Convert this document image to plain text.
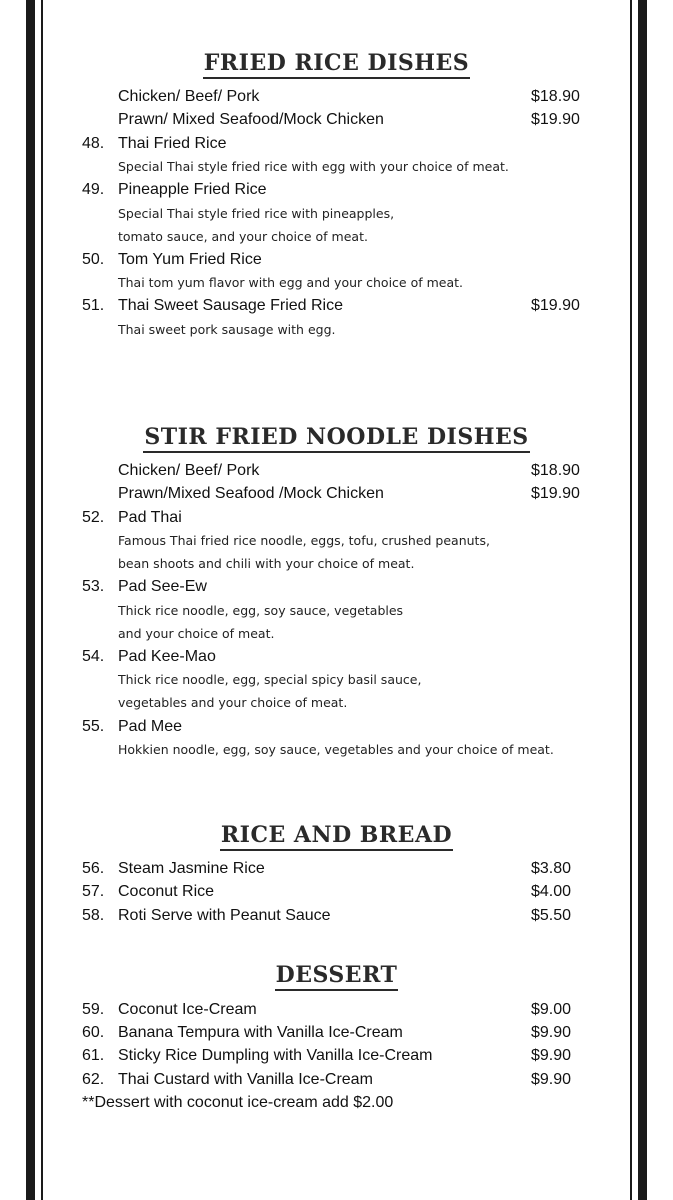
FRIED RICE DISHES
Chicken/ Beef/ Pork	$18.90
Prawn/ Mixed Seafood/Mock Chicken	$19.90
48. Thai Fried Rice
Special Thai style fried rice with egg with your choice of meat.
49. Pineapple Fried Rice
Special Thai style fried rice with pineapples,
tomato sauce, and your choice of meat.
50. Tom Yum Fried Rice
Thai tom yum flavor with egg and your choice of meat.
51. Thai Sweet Sausage Fried Rice	$19.90
Thai sweet pork sausage with egg.
STIR FRIED NOODLE DISHES
Chicken/ Beef/ Pork	$18.90
Prawn/Mixed Seafood /Mock Chicken	$19.90
52. Pad Thai
Famous Thai fried rice noodle, eggs, tofu, crushed peanuts,
bean shoots and chili with your choice of meat.
53. Pad See-Ew
Thick rice noodle, egg, soy sauce, vegetables
and your choice of meat.
54. Pad Kee-Mao
Thick rice noodle, egg, special spicy basil sauce,
vegetables and your choice of meat.
55. Pad Mee
Hokkien noodle, egg, soy sauce, vegetables and your choice of meat.
RICE AND BREAD
56. Steam Jasmine Rice	$3.80
57. Coconut Rice	$4.00
58. Roti Serve with Peanut Sauce	$5.50
DESSERT
59. Coconut Ice-Cream	$9.00
60. Banana Tempura with Vanilla Ice-Cream	$9.90
61. Sticky Rice Dumpling with Vanilla Ice-Cream	$9.90
62. Thai Custard with Vanilla Ice-Cream	$9.90
**Dessert with coconut ice-cream add $2.00
